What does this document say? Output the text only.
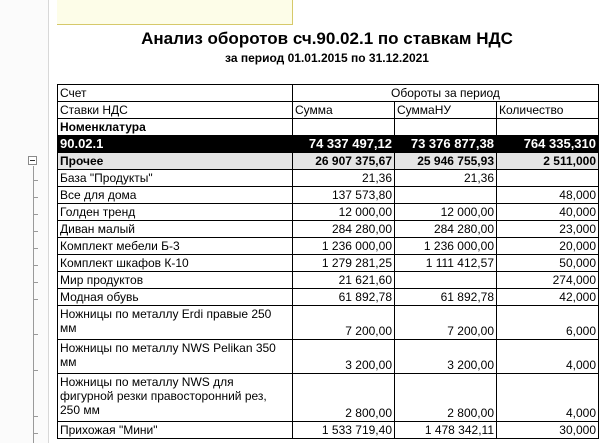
Анализ оборотов сч.90.02.1 по ставкам НДС
за период 01.01.2015 по 31.12.2021
Счет	Обороты за период		
Ставки НДС	Сумма	СуммаНУ	Количество
Номенклатура			
90.02.1	74 337 497,12	73 376 877,38	764 335,310
Прочее	26 907 375,67	25 946 755,93	2 511,000
База "Продукты"	21,36	21,36	
Все для дома	137 573,80		48,000
Голден тренд	12 000,00	12 000,00	40,000
Диван малый	284 280,00	284 280,00	23,000
Комплект мебели Б-3	1 236 000,00	1 236 000,00	20,000
Комплект шкафов К-10	1 279 281,25	1 111 412,57	50,000
Мир продуктов	21 621,60		274,000
Модная обувь	61 892,78	61 892,78	42,000
Ножницы по металлу Erdi правые 250 мм	7 200,00	7 200,00	6,000
Ножницы по металлу NWS Pelikan 350 мм	3 200,00	3 200,00	4,000
Ножницы по металлу NWS для фигурной резки правосторонний рез, 250 мм	2 800,00	2 800,00	4,000
Прихожая "Мини"	1 533 719,40	1 478 342,11	30,000
